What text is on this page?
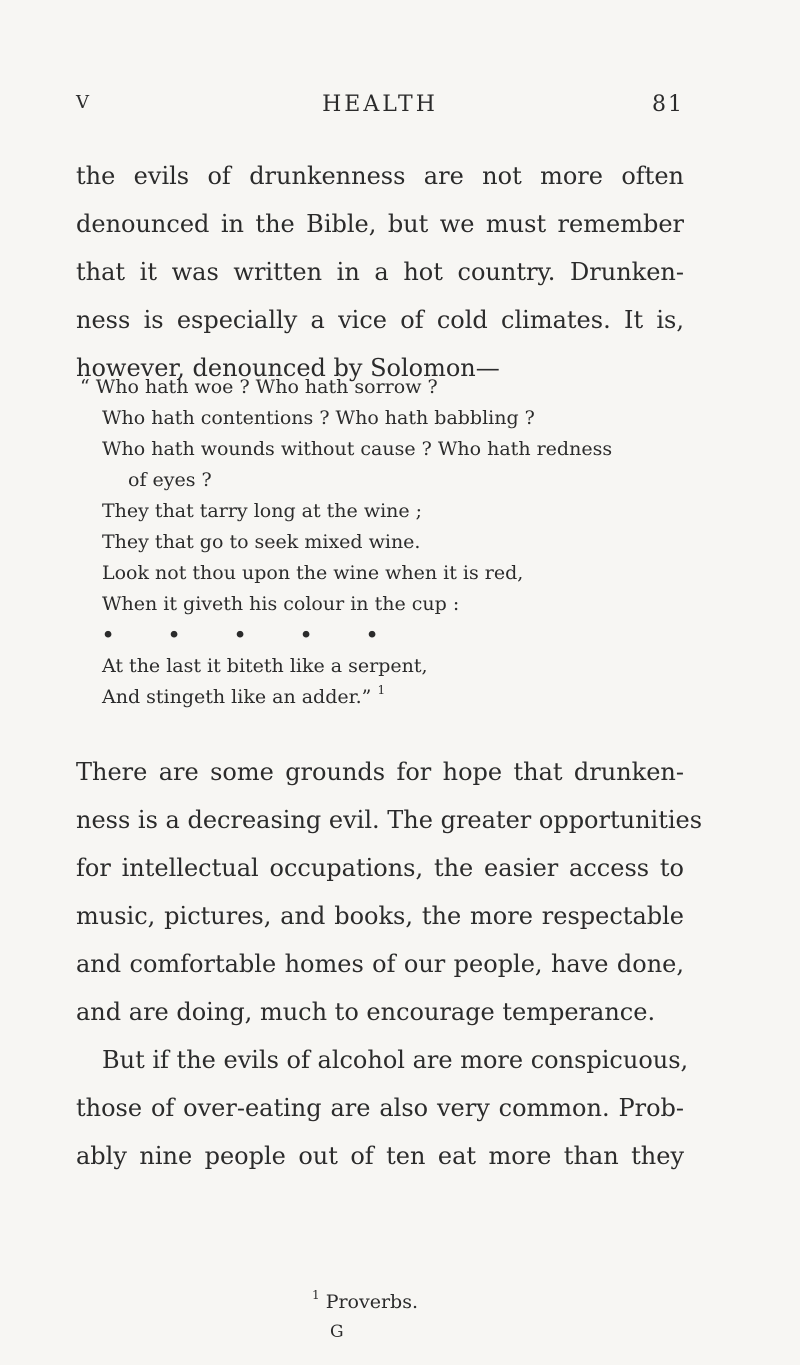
V	HEALTH	81
the evils of drunkenness are not more often
denounced in the Bible, but we must remember
that it was written in a hot country. Drunken-
ness is especially a vice of cold climates. It is,
however, denounced by Solomon—
“ Who hath woe ? Who hath sorrow ?
Who hath contentions ? Who hath babbling ?
Who hath wounds without cause ? Who hath redness
of eyes ?
They that tarry long at the wine ;
They that go to seek mixed wine.
Look not thou upon the wine when it is red,
When it giveth his colour in the cup :
•	•	•	•	•
At the last it biteth like a serpent,
And stingeth like an adder.” $^1$
There are some grounds for hope that drunken-
ness is a decreasing evil. The greater opportunities
for intellectual occupations, the easier access to
music, pictures, and books, the more respectable
and comfortable homes of our people, have done,
and are doing, much to encourage temperance.
But if the evils of alcohol are more conspicuous,
those of over-eating are also very common. Prob-
ably nine people out of ten eat more than they
$^1$ Proverbs.
G
